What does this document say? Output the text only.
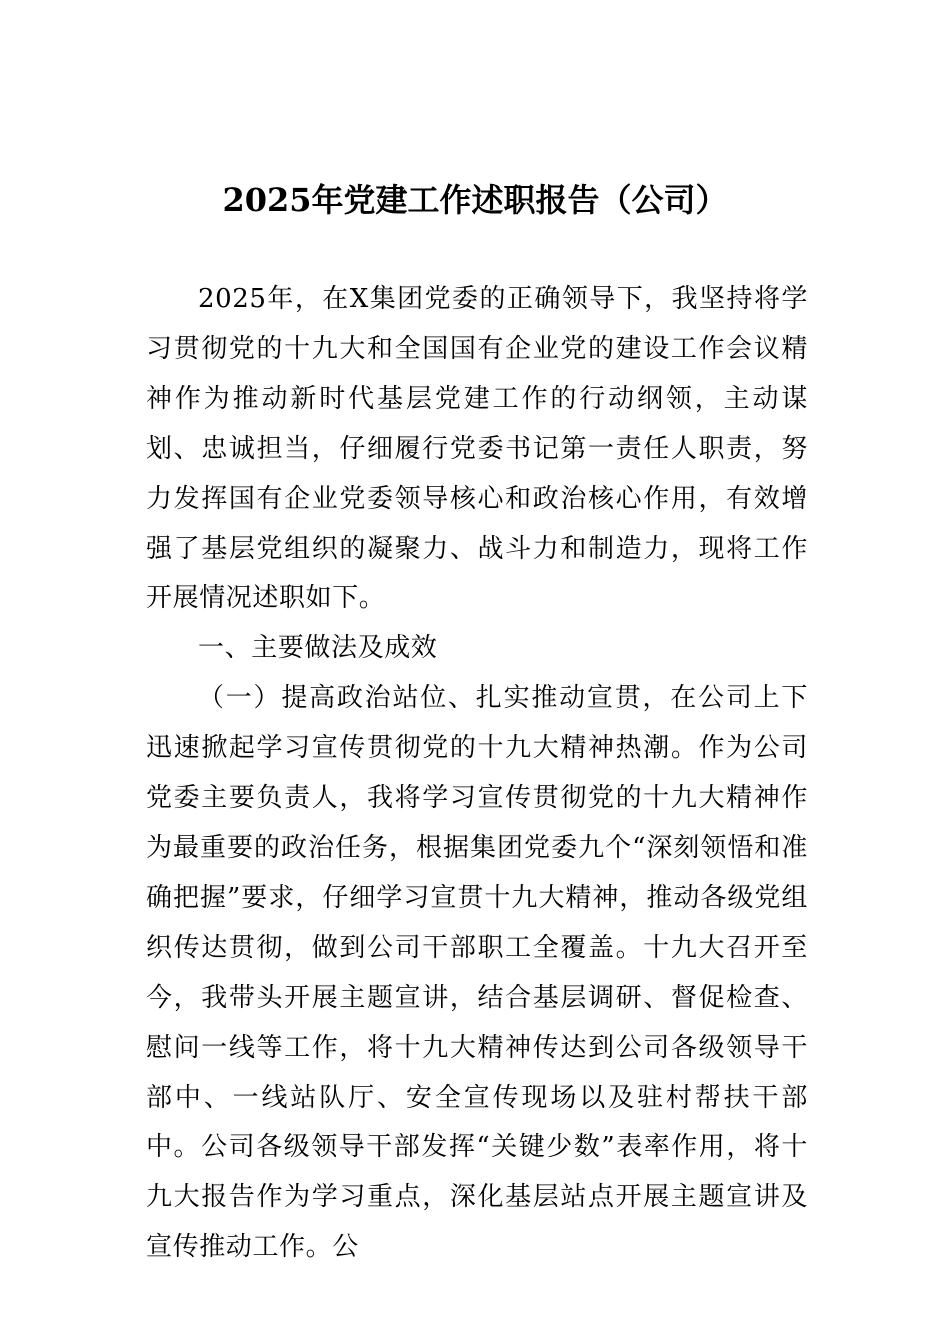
2025年党建工作述职报告（公司）

2025年，在X集团党委的正确领导下，我坚持将学习贯彻党的十九大和全国国有企业党的建设工作会议精神作为推动新时代基层党建工作的行动纲领，主动谋划、忠诚担当，仔细履行党委书记第一责任人职责，努力发挥国有企业党委领导核心和政治核心作用，有效增强了基层党组织的凝聚力、战斗力和制造力，现将工作开展情况述职如下。

一、主要做法及成效

（一）提高政治站位、扎实推动宣贯，在公司上下迅速掀起学习宣传贯彻党的十九大精神热潮。作为公司党委主要负责人，我将学习宣传贯彻党的十九大精神作为最重要的政治任务，根据集团党委九个“深刻领悟和准确把握”要求，仔细学习宣贯十九大精神，推动各级党组织传达贯彻，做到公司干部职工全覆盖。十九大召开至今，我带头开展主题宣讲，结合基层调研、督促检查、慰问一线等工作，将十九大精神传达到公司各级领导干部中、一线站队厅、安全宣传现场以及驻村帮扶干部中。公司各级领导干部发挥“关键少数”表率作用，将十九大报告作为学习重点，深化基层站点开展主题宣讲及宣传推动工作。公
